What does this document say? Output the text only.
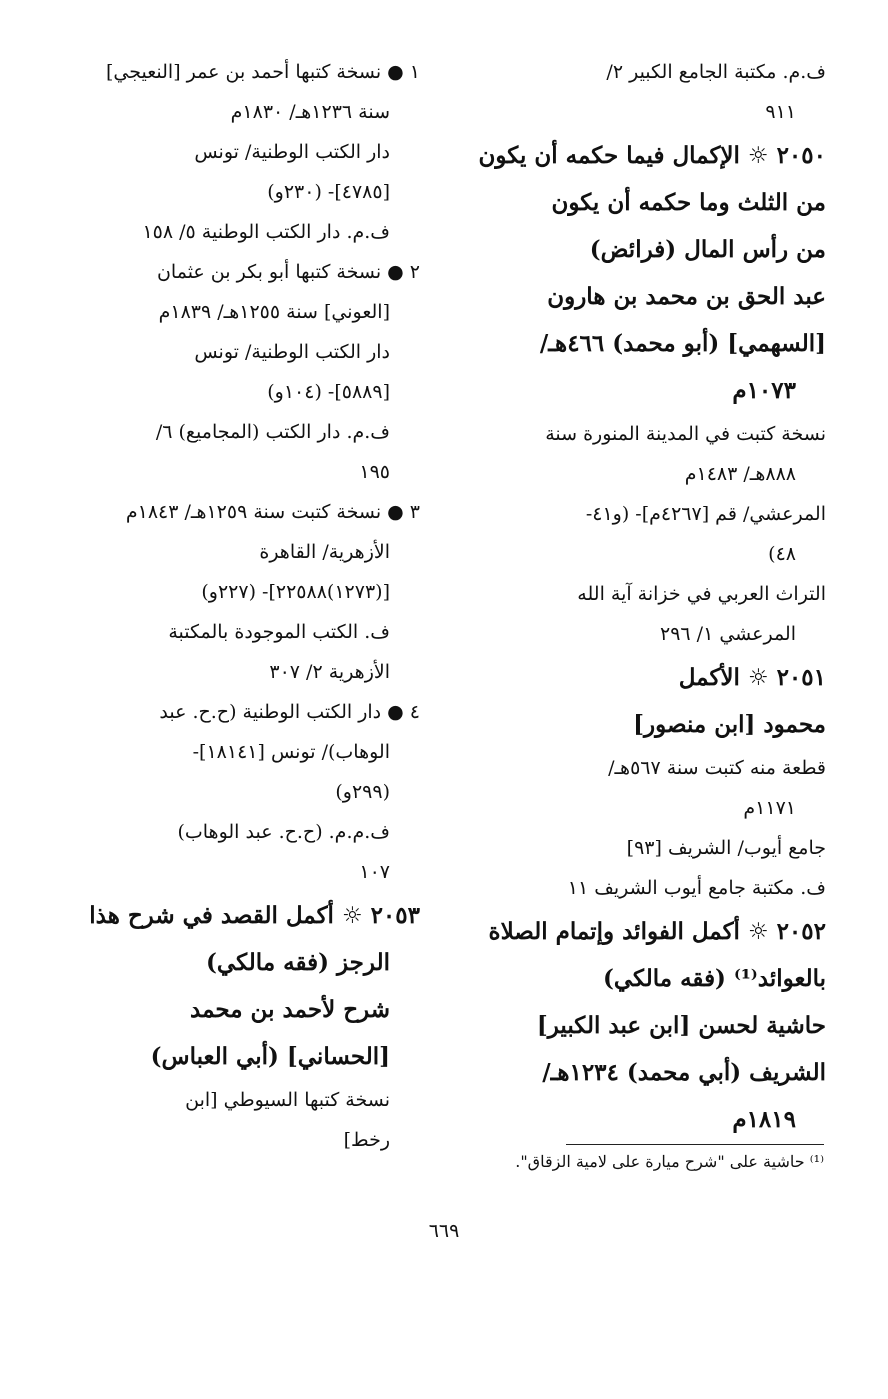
ف.م. مكتبة الجامع الكبير ٢/
٩١١
٢٠٥٠ ☼ الإكمال فيما حكمه أن يكون
من الثلث وما حكمه أن يكون
من رأس المال (فرائض)
عبد الحق بن محمد بن هارون
[السهمي] (أبو محمد) ٤٦٦هـ/
١٠٧٣م
نسخة كتبت في المدينة المنورة سنة
٨٨٨هـ/ ١٤٨٣م
المرعشي/ قم [٤٢٦٧م]- (و٤١-
٤٨)
التراث العربي في خزانة آية الله
المرعشي ١/ ٢٩٦
٢٠٥١ ☼ الأكمل
محمود [ابن منصور]
قطعة منه كتبت سنة ٥٦٧هـ/
١١٧١م
جامع أيوب/ الشريف [٩٣]
ف. مكتبة جامع أيوب الشريف ١١
٢٠٥٢ ☼ أكمل الفوائد وإتمام الصلاة
بالعوائد⁽¹⁾ (فقه مالكي)
حاشية لحسن [ابن عبد الكبير]
الشريف (أبي محمد) ١٢٣٤هـ/
١٨١٩م
١ ● نسخة كتبها أحمد بن عمر [النعيجي]
سنة ١٢٣٦هـ/ ١٨٣٠م
دار الكتب الوطنية/ تونس
[٤٧٨٥]- (٢٣٠و)
ف.م. دار الكتب الوطنية ٥/ ١٥٨
٢ ● نسخة كتبها أبو بكر بن عثمان
[العوني] سنة ١٢٥٥هـ/ ١٨٣٩م
دار الكتب الوطنية/ تونس
[٥٨٨٩]- (١٠٤و)
ف.م. دار الكتب (المجاميع) ٦/
١٩٥
٣ ● نسخة كتبت سنة ١٢٥٩هـ/ ١٨٤٣م
الأزهرية/ القاهرة
[(١٢٧٣)٢٢٥٨٨]- (٢٢٧و)
ف. الكتب الموجودة بالمكتبة
الأزهرية ٢/ ٣٠٧
٤ ● دار الكتب الوطنية (ح.ح. عبد
الوهاب)/ تونس [١٨١٤١]-
(٢٩٩و)
ف.م.م. (ح.ح. عبد الوهاب)
١٠٧
٢٠٥٣ ☼ أكمل القصد في شرح هذا
الرجز (فقه مالكي)
شرح لأحمد بن محمد
[الحساني] (أبي العباس)
نسخة كتبها السيوطي [ابن
رخط]
⁽¹⁾ حاشية على "شرح ميارة على لامية الزقاق".
٦٦٩
